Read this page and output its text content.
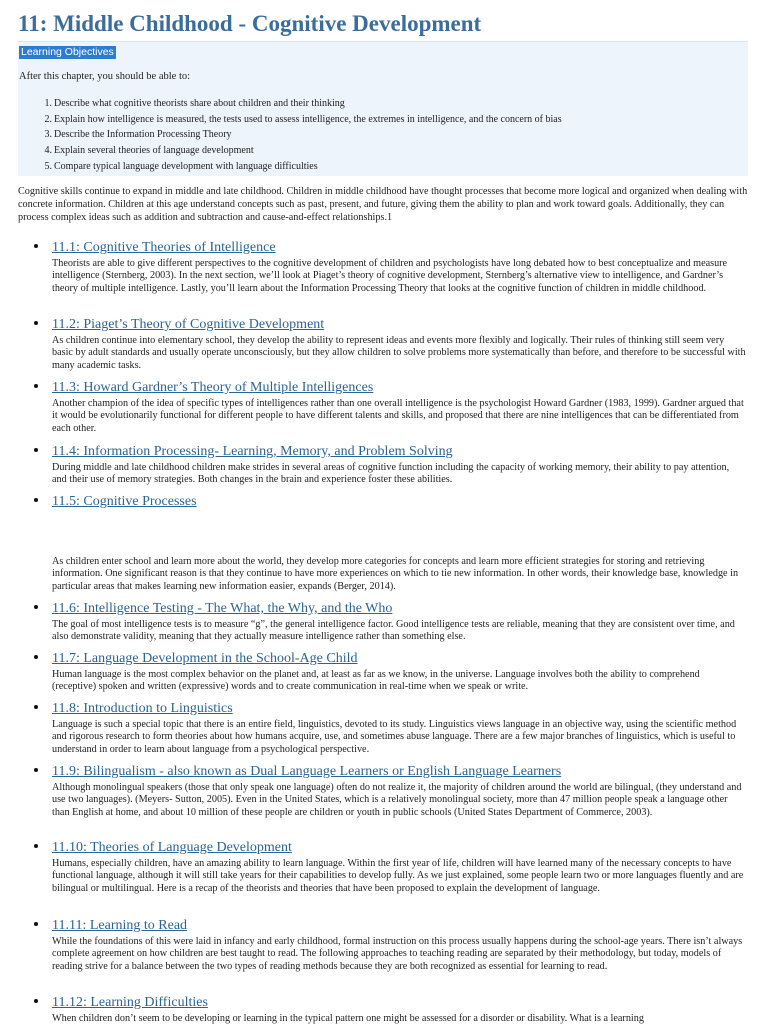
11: Middle Childhood - Cognitive Development
Learning Objectives
After this chapter, you should be able to:
1. Describe what cognitive theorists share about children and their thinking
2. Explain how intelligence is measured, the tests used to assess intelligence, the extremes in intelligence, and the concern of bias
3. Describe the Information Processing Theory
4. Explain several theories of language development
5. Compare typical language development with language difficulties

Cognitive skills continue to expand in middle and late childhood. Children in middle childhood have thought processes that become more logical and organized when dealing with concrete information. Children at this age understand concepts such as past, present, and future, giving them the ability to plan and work toward goals. Additionally, they can process complex ideas such as addition and subtraction and cause-and-effect relationships.1

11.1: Cognitive Theories of Intelligence

Theorists are able to give different perspectives to the cognitive development of children and psychologists have long debated how to best conceptualize and measure intelligence (Sternberg, 2003). In the next section, we’ll look at Piaget’s theory of cognitive development, Sternberg’s alternative view to intelligence, and Gardner’s theory of multiple intelligence. Lastly, you’ll learn about the Information Processing Theory that looks at the cognitive function of children in middle childhood.

11.2: Piaget’s Theory of Cognitive Development

As children continue into elementary school, they develop the ability to represent ideas and events more flexibly and logically. Their rules of thinking still seem very basic by adult standards and usually operate unconsciously, but they allow children to solve problems more systematically than before, and therefore to be successful with many academic tasks.

11.3: Howard Gardner’s Theory of Multiple Intelligences

Another champion of the idea of specific types of intelligences rather than one overall intelligence is the psychologist Howard Gardner (1983, 1999). Gardner argued that it would be evolutionarily functional for different people to have different talents and skills, and proposed that there are nine intelligences that can be differentiated from each other.

11.4: Information Processing- Learning, Memory, and Problem Solving

During middle and late childhood children make strides in several areas of cognitive function including the capacity of working memory, their ability to pay attention, and their use of memory strategies. Both changes in the brain and experience foster these abilities.

11.5: Cognitive Processes

As children enter school and learn more about the world, they develop more categories for concepts and learn more efficient strategies for storing and retrieving information. One significant reason is that they continue to have more experiences on which to tie new information. In other words, their knowledge base, knowledge in particular areas that makes learning new information easier, expands (Berger, 2014).

11.6: Intelligence Testing - The What, the Why, and the Who

The goal of most intelligence tests is to measure “g”, the general intelligence factor. Good intelligence tests are reliable, meaning that they are consistent over time, and also demonstrate validity, meaning that they actually measure intelligence rather than something else.

11.7: Language Development in the School-Age Child

Human language is the most complex behavior on the planet and, at least as far as we know, in the universe. Language involves both the ability to comprehend (receptive) spoken and written (expressive) words and to create communication in real-time when we speak or write.

11.8: Introduction to Linguistics

Language is such a special topic that there is an entire field, linguistics, devoted to its study. Linguistics views language in an objective way, using the scientific method and rigorous research to form theories about how humans acquire, use, and sometimes abuse language. There are a few major branches of linguistics, which is useful to understand in order to learn about language from a psychological perspective.

11.9: Bilingualism - also known as Dual Language Learners or English Language Learners

Although monolingual speakers (those that only speak one language) often do not realize it, the majority of children around the world are bilingual, (they understand and use two languages). (Meyers- Sutton, 2005). Even in the United States, which is a relatively monolingual society, more than 47 million people speak a language other than English at home, and about 10 million of these people are children or youth in public schools (United States Department of Commerce, 2003).

11.10: Theories of Language Development

Humans, especially children, have an amazing ability to learn language. Within the first year of life, children will have learned many of the necessary concepts to have functional language, although it will still take years for their capabilities to develop fully. As we just explained, some people learn two or more languages fluently and are bilingual or multilingual. Here is a recap of the theorists and theories that have been proposed to explain the development of language.

11.11: Learning to Read

While the foundations of this were laid in infancy and early childhood, formal instruction on this process usually happens during the school-age years. There isn’t always complete agreement on how children are best taught to read. The following approaches to teaching reading are separated by their methodology, but today, models of reading strive for a balance between the two types of reading methods because they are both recognized as essential for learning to read.

11.12: Learning Difficulties

When children don’t seem to be developing or learning in the typical pattern one might be assessed for a disorder or disability. What is a learning
